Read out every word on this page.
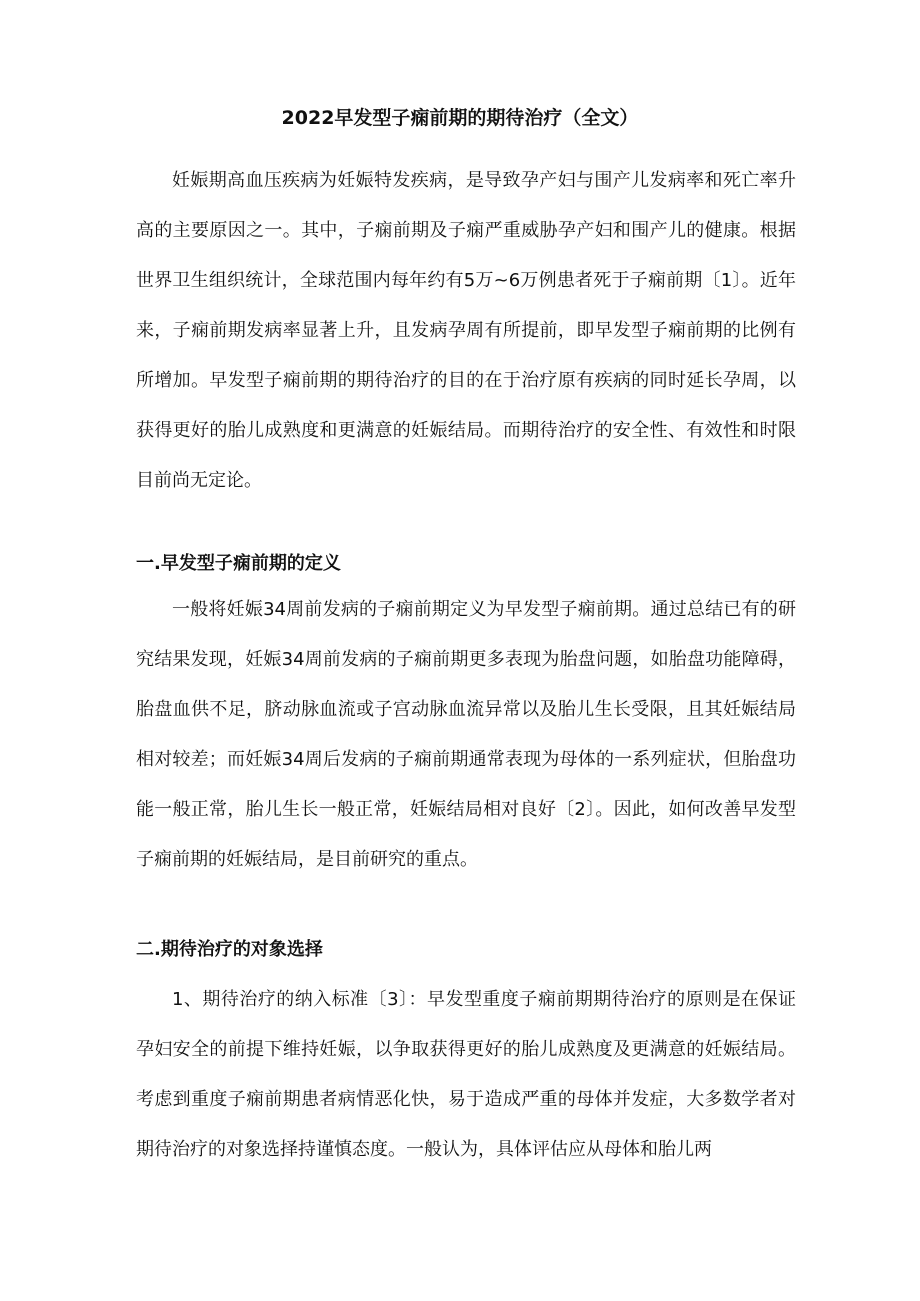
2022早发型子痫前期的期待治疗（全文）

妊娠期高血压疾病为妊娠特发疾病，是导致孕产妇与围产儿发病率和死亡率升高的主要原因之一。其中，子痫前期及子痫严重威胁孕产妇和围产儿的健康。根据世界卫生组织统计，全球范围内每年约有5万~6万例患者死于子痫前期〔1〕。近年来，子痫前期发病率显著上升，且发病孕周有所提前，即早发型子痫前期的比例有所增加。早发型子痫前期的期待治疗的目的在于治疗原有疾病的同时延长孕周，以获得更好的胎儿成熟度和更满意的妊娠结局。而期待治疗的安全性、有效性和时限目前尚无定论。

一.早发型子痫前期的定义

一般将妊娠34周前发病的子痫前期定义为早发型子痫前期。通过总结已有的研究结果发现，妊娠34周前发病的子痫前期更多表现为胎盘问题，如胎盘功能障碍，胎盘血供不足，脐动脉血流或子宫动脉血流异常以及胎儿生长受限，且其妊娠结局相对较差；而妊娠34周后发病的子痫前期通常表现为母体的一系列症状，但胎盘功能一般正常，胎儿生长一般正常，妊娠结局相对良好〔2〕。因此，如何改善早发型子痫前期的妊娠结局，是目前研究的重点。

二.期待治疗的对象选择

1、期待治疗的纳入标准〔3〕：早发型重度子痫前期期待治疗的原则是在保证孕妇安全的前提下维持妊娠，以争取获得更好的胎儿成熟度及更满意的妊娠结局。考虑到重度子痫前期患者病情恶化快，易于造成严重的母体并发症，大多数学者对期待治疗的对象选择持谨慎态度。一般认为，具体评估应从母体和胎儿两
